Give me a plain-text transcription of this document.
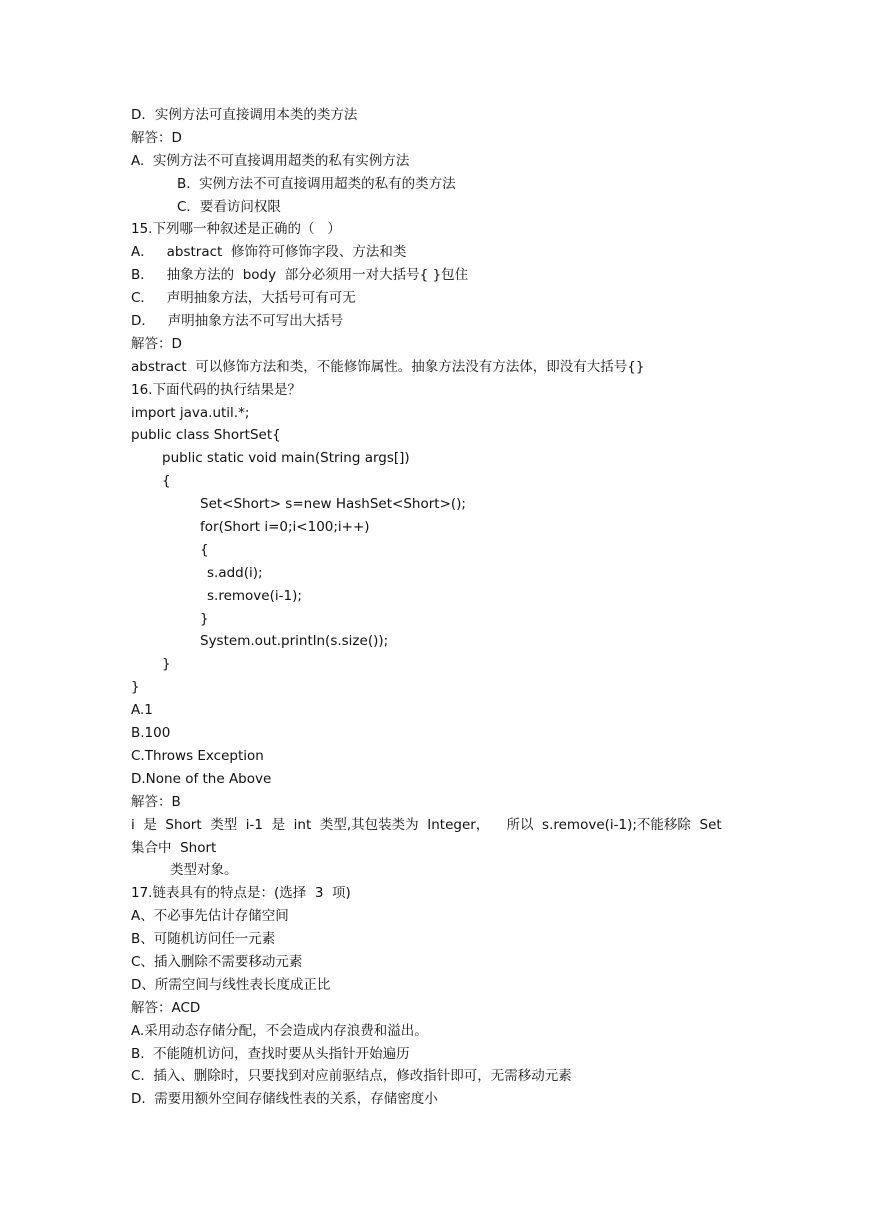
D．实例方法可直接调用本类的类方法
解答：D
A.  实例方法不可直接调用超类的私有实例方法
B.  实例方法不可直接调用超类的私有的类方法
C．要看访问权限
15.下列哪一种叙述是正确的（   ）
A．   abstract  修饰符可修饰字段、方法和类
B．   抽象方法的  body  部分必须用一对大括号{ }包住
C．   声明抽象方法，大括号可有可无
D．   声明抽象方法不可写出大括号
解答：D
abstract  可以修饰方法和类，不能修饰属性。抽象方法没有方法体，即没有大括号{}
16.下面代码的执行结果是？
import java.util.*;
public class ShortSet{
public static void main(String args[])
{
Set<Short> s=new HashSet<Short>();
for(Short i=0;i<100;i++)
{
s.add(i);
s.remove(i-1);
}
System.out.println(s.size());
}
}
A.1
B.100
C.Throws Exception
D.None of the Above
解答：B
i  是  Short  类型  i-1  是  int  类型,其包装类为  Integer，    所以  s.remove(i-1);不能移除  Set
集合中  Short
类型对象。
17.链表具有的特点是：(选择  3  项)
A、不必事先估计存储空间
B、可随机访问任一元素
C、插入删除不需要移动元素
D、所需空间与线性表长度成正比
解答：ACD
A.采用动态存储分配，不会造成内存浪费和溢出。
B.  不能随机访问，查找时要从头指针开始遍历
C.  插入、删除时，只要找到对应前驱结点，修改指针即可，无需移动元素
D.  需要用额外空间存储线性表的关系，存储密度小
